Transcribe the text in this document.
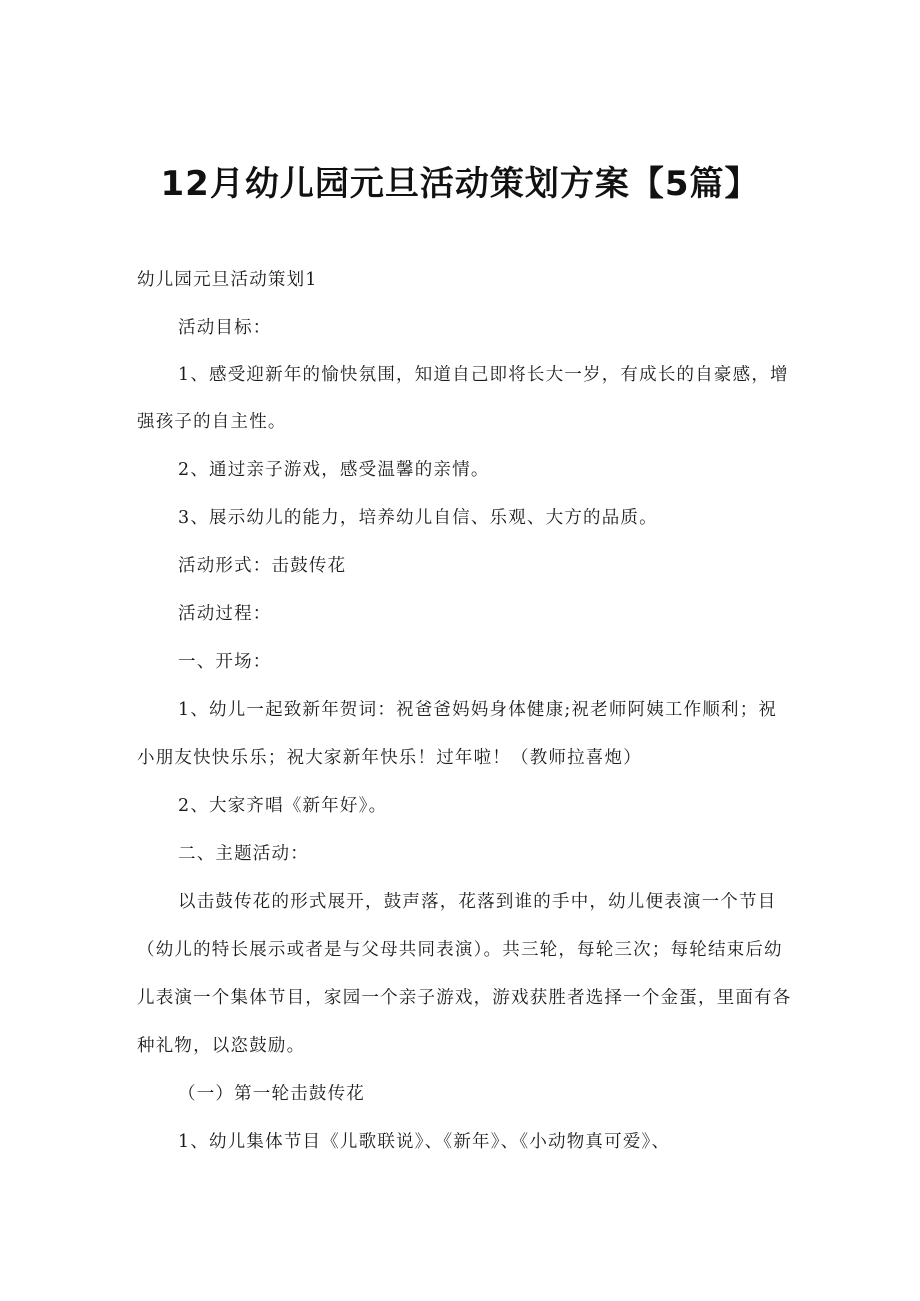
12月幼儿园元旦活动策划方案【5篇】

幼儿园元旦活动策划1

活动目标：

1、感受迎新年的愉快氛围，知道自己即将长大一岁，有成长的自豪感，增

强孩子的自主性。

2、通过亲子游戏，感受温馨的亲情。

3、展示幼儿的能力，培养幼儿自信、乐观、大方的品质。

活动形式：击鼓传花

活动过程：

一、开场：

1、幼儿一起致新年贺词：祝爸爸妈妈身体健康;祝老师阿姨工作顺利；祝

小朋友快快乐乐；祝大家新年快乐！过年啦！（教师拉喜炮）

2、大家齐唱《新年好》。

二、主题活动：

以击鼓传花的形式展开，鼓声落，花落到谁的手中，幼儿便表演一个节目

（幼儿的特长展示或者是与父母共同表演）。共三轮，每轮三次；每轮结束后幼

儿表演一个集体节目，家园一个亲子游戏，游戏获胜者选择一个金蛋，里面有各

种礼物，以恣鼓励。

（一）第一轮击鼓传花

1、幼儿集体节目《儿歌联说》、《新年》、《小动物真可爱》、
